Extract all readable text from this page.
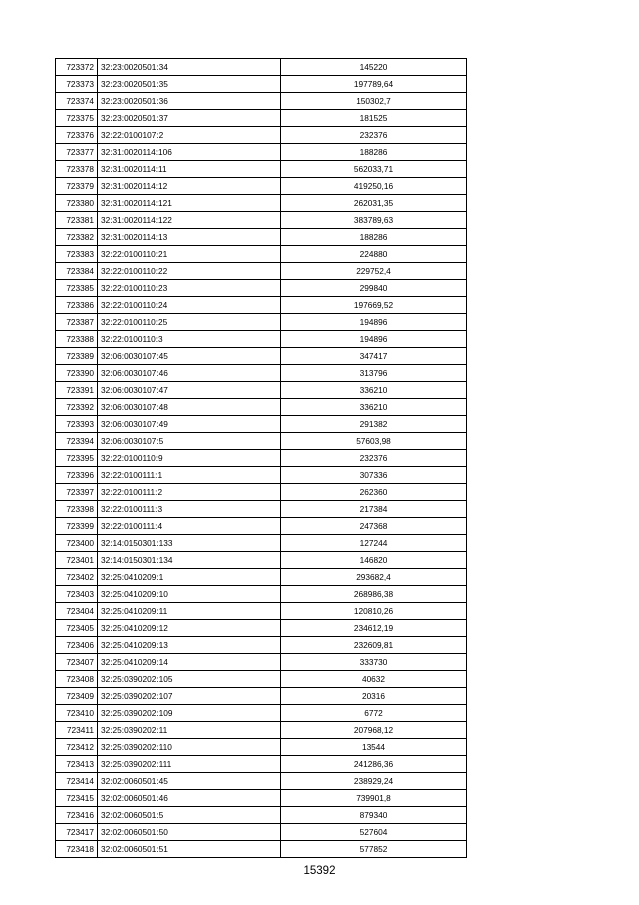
723372	32:23:0020501:34	145220
723373	32:23:0020501:35	197789,64
723374	32:23:0020501:36	150302,7
723375	32:23:0020501:37	181525
723376	32:22:0100107:2	232376
723377	32:31:0020114:106	188286
723378	32:31:0020114:11	562033,71
723379	32:31:0020114:12	419250,16
723380	32:31:0020114:121	262031,35
723381	32:31:0020114:122	383789,63
723382	32:31:0020114:13	188286
723383	32:22:0100110:21	224880
723384	32:22:0100110:22	229752,4
723385	32:22:0100110:23	299840
723386	32:22:0100110:24	197669,52
723387	32:22:0100110:25	194896
723388	32:22:0100110:3	194896
723389	32:06:0030107:45	347417
723390	32:06:0030107:46	313796
723391	32:06:0030107:47	336210
723392	32:06:0030107:48	336210
723393	32:06:0030107:49	291382
723394	32:06:0030107:5	57603,98
723395	32:22:0100110:9	232376
723396	32:22:0100111:1	307336
723397	32:22:0100111:2	262360
723398	32:22:0100111:3	217384
723399	32:22:0100111:4	247368
723400	32:14:0150301:133	127244
723401	32:14:0150301:134	146820
723402	32:25:0410209:1	293682,4
723403	32:25:0410209:10	268986,38
723404	32:25:0410209:11	120810,26
723405	32:25:0410209:12	234612,19
723406	32:25:0410209:13	232609,81
723407	32:25:0410209:14	333730
723408	32:25:0390202:105	40632
723409	32:25:0390202:107	20316
723410	32:25:0390202:109	6772
723411	32:25:0390202:11	207968,12
723412	32:25:0390202:110	13544
723413	32:25:0390202:111	241286,36
723414	32:02:0060501:45	238929,24
723415	32:02:0060501:46	739901,8
723416	32:02:0060501:5	879340
723417	32:02:0060501:50	527604
723418	32:02:0060501:51	577852
15392
